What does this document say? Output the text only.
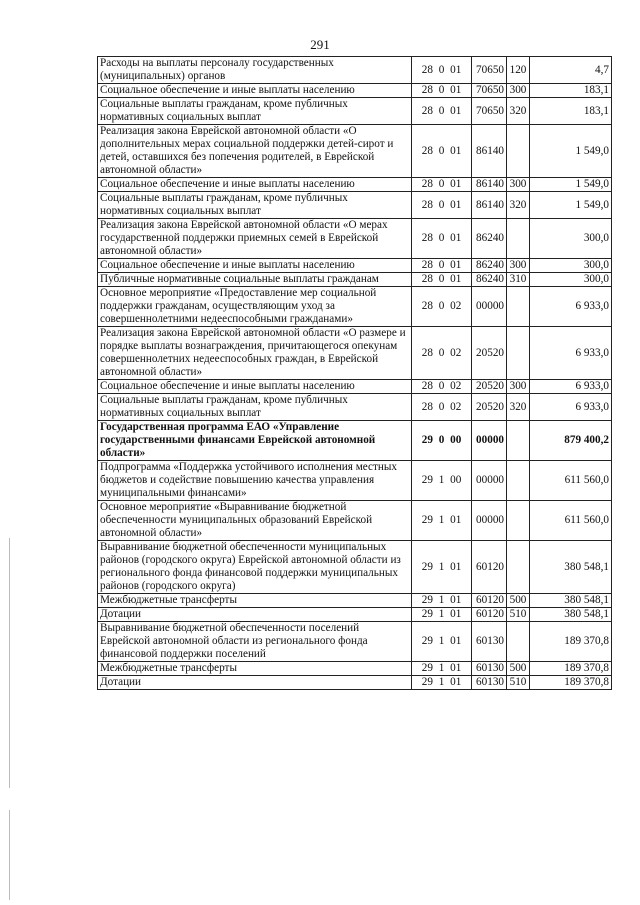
291
Расходы на выплаты персоналу государственных (муниципальных) органов	28 0 01	70650	120	4,7
Социальное обеспечение и иные выплаты населению	28 0 01	70650	300	183,1
Социальные выплаты гражданам, кроме публичных нормативных социальных выплат	28 0 01	70650	320	183,1
Реализация закона Еврейской автономной области «О дополнительных мерах социальной поддержки детей-сирот и детей, оставшихся без попечения родителей, в Еврейской автономной области»	28 0 01	86140		1 549,0
Социальное обеспечение и иные выплаты населению	28 0 01	86140	300	1 549,0
Социальные выплаты гражданам, кроме публичных нормативных социальных выплат	28 0 01	86140	320	1 549,0
Реализация закона Еврейской автономной области «О мерах государственной поддержки приемных семей в Еврейской автономной области»	28 0 01	86240		300,0
Социальное обеспечение и иные выплаты населению	28 0 01	86240	300	300,0
Публичные нормативные социальные выплаты гражданам	28 0 01	86240	310	300,0
Основное мероприятие «Предоставление мер социальной поддержки гражданам, осуществляющим уход за совершеннолетними недееспособными гражданами»	28 0 02	00000		6 933,0
Реализация закона Еврейской автономной области «О размере и порядке выплаты вознаграждения, причитающегося опекунам совершеннолетних недееспособных граждан, в Еврейской автономной области»	28 0 02	20520		6 933,0
Социальное обеспечение и иные выплаты населению	28 0 02	20520	300	6 933,0
Социальные выплаты гражданам, кроме публичных нормативных социальных выплат	28 0 02	20520	320	6 933,0
Государственная программа ЕАО «Управление государственными финансами Еврейской автономной области»	29 0 00	00000		879 400,2
Подпрограмма «Поддержка устойчивого исполнения местных бюджетов и содействие повышению качества управления муниципальными финансами»	29 1 00	00000		611 560,0
Основное мероприятие «Выравнивание бюджетной обеспеченности муниципальных образований Еврейской автономной области»	29 1 01	00000		611 560,0
Выравнивание бюджетной обеспеченности муниципальных районов (городского округа) Еврейской автономной области из регионального фонда финансовой поддержки муниципальных районов (городского округа)	29 1 01	60120		380 548,1
Межбюджетные трансферты	29 1 01	60120	500	380 548,1
Дотации	29 1 01	60120	510	380 548,1
Выравнивание бюджетной обеспеченности поселений Еврейской автономной области из регионального фонда финансовой поддержки поселений	29 1 01	60130		189 370,8
Межбюджетные трансферты	29 1 01	60130	500	189 370,8
Дотации	29 1 01	60130	510	189 370,8
